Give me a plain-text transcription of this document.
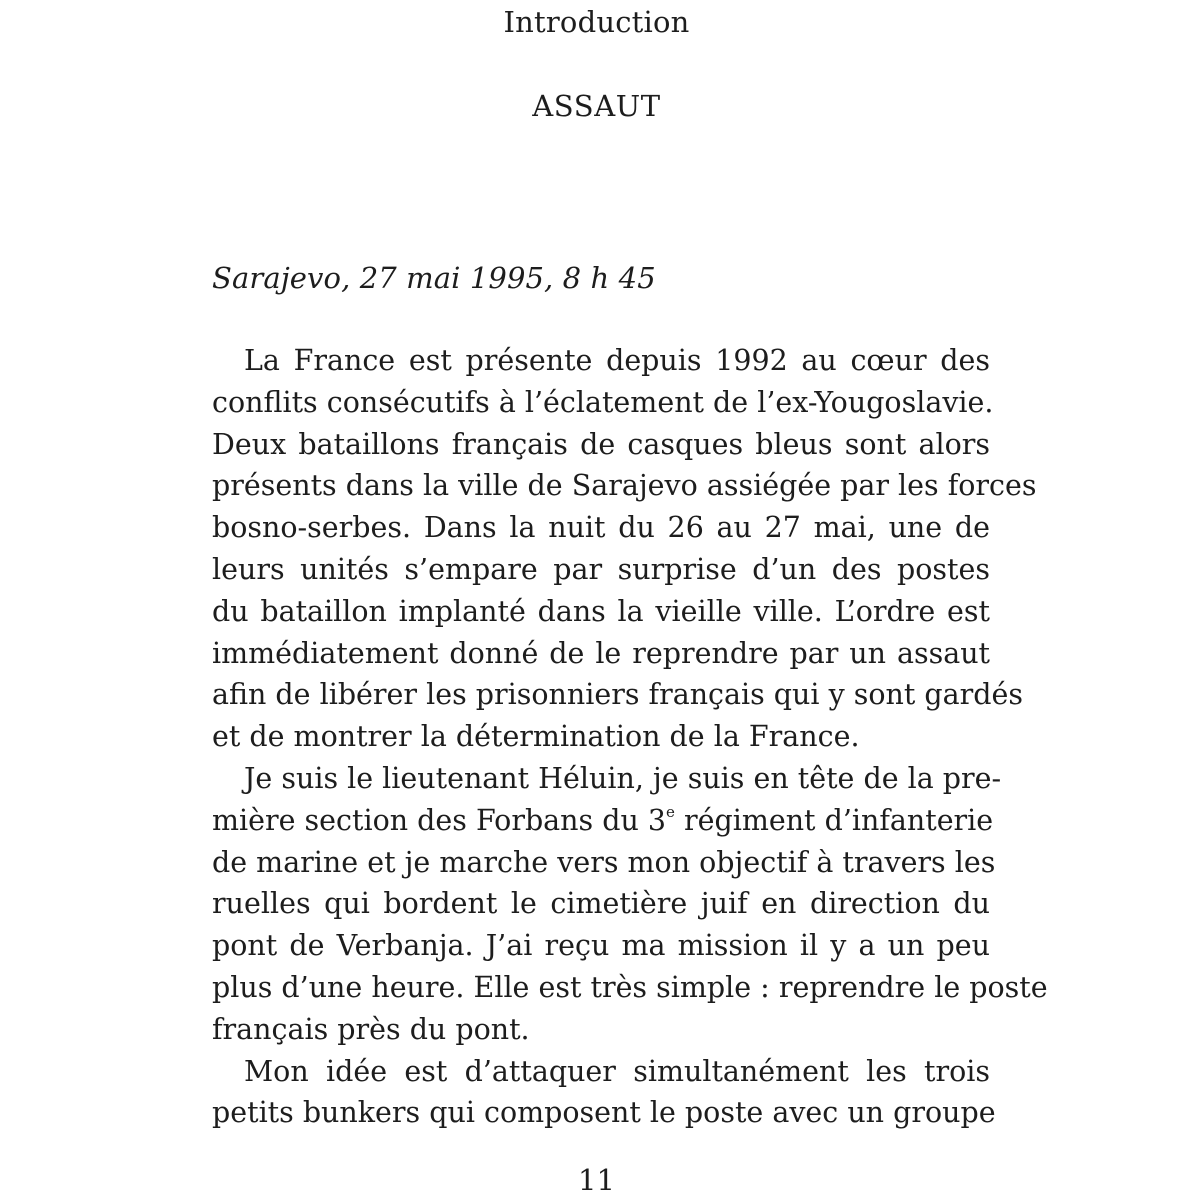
Introduction
ASSAUT
Sarajevo, 27 mai 1995, 8 h 45

La France est présente depuis 1992 au cœur des
conflits consécutifs à l’éclatement de l’ex-Yougoslavie.
Deux bataillons français de casques bleus sont alors
présents dans la ville de Sarajevo assiégée par les forces
bosno-serbes. Dans la nuit du 26 au 27 mai, une de
leurs unités s’empare par surprise d’un des postes
du bataillon implanté dans la vieille ville. L’ordre est
immédiatement donné de le reprendre par un assaut
afin de libérer les prisonniers français qui y sont gardés
et de montrer la détermination de la France.

Je suis le lieutenant Héluin, je suis en tête de la pre-
mière section des Forbans du 3e régiment d’infanterie
de marine et je marche vers mon objectif à travers les
ruelles qui bordent le cimetière juif en direction du
pont de Verbanja. J’ai reçu ma mission il y a un peu
plus d’une heure. Elle est très simple : reprendre le poste
français près du pont.

Mon idée est d’attaquer simultanément les trois
petits bunkers qui composent le poste avec un groupe

11
